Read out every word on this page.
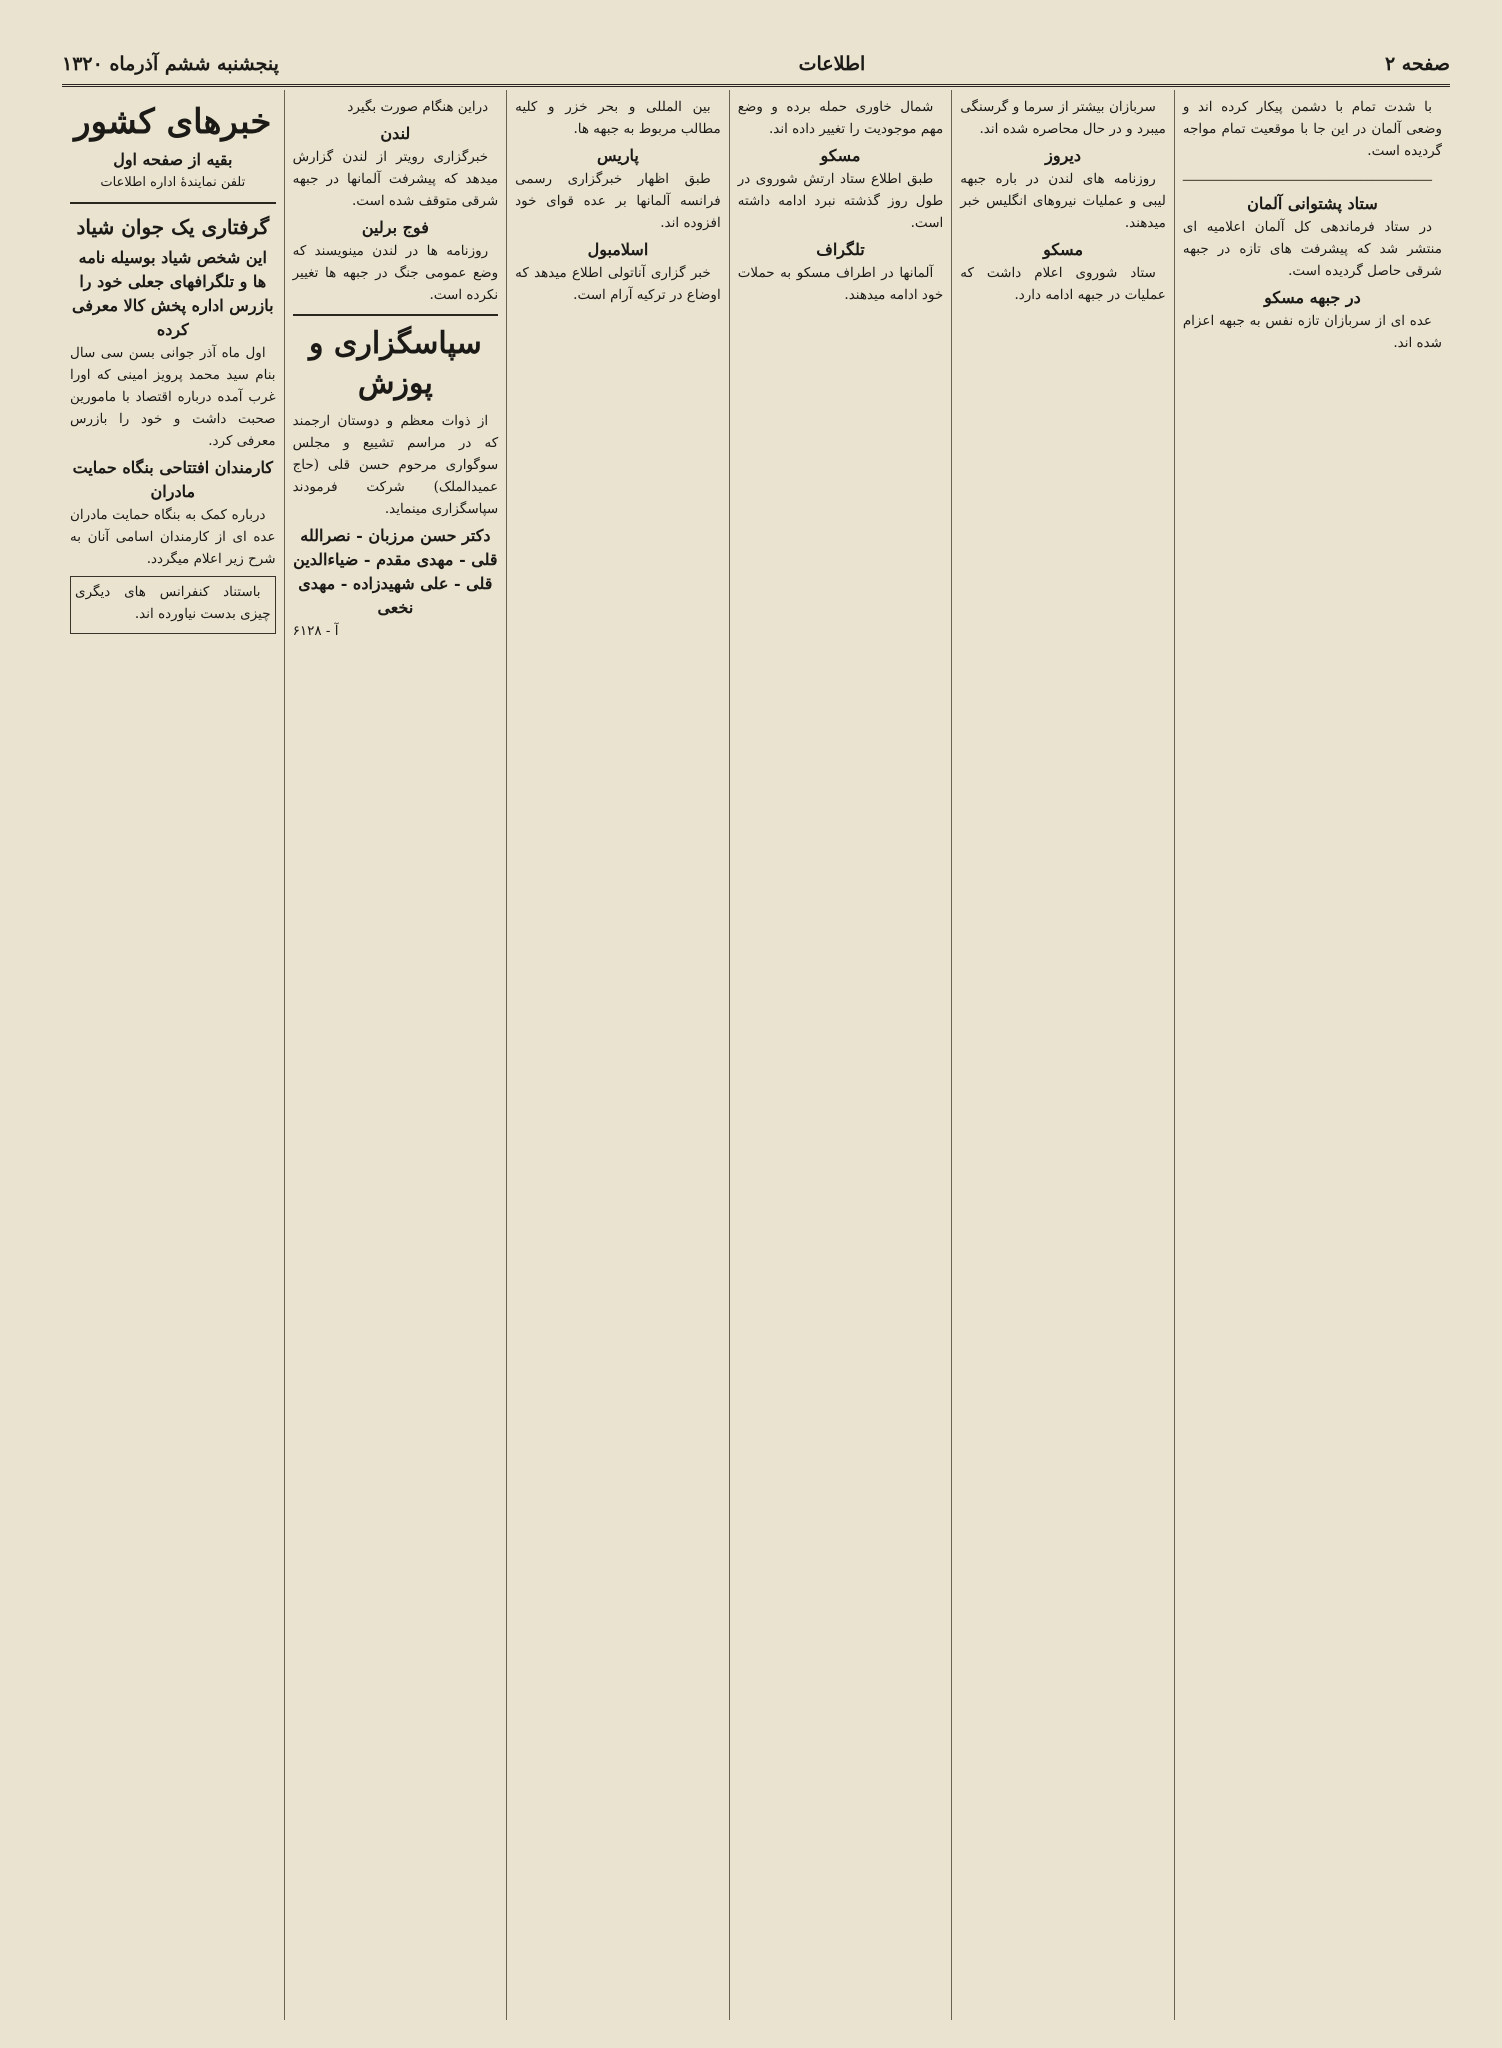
صفحه ۲
اطلاعات
پنجشنبه ششم آذرماه ۱۳۲۰

با شدت تمام با دشمن پیکار کرده اند و وضعی آلمان در این جا با موقعیت تمام مواجه گردیده است.

ـــــــــــــــــــــــــــــــــــــــــــــــــــــــــــــــ

ستاد پشتوانی آلمان

در ستاد فرماندهی کل آلمان اعلامیه ای منتشر شد که پیشرفت های تازه در جبهه شرقی حاصل گردیده است.

در جبهه مسکو

عده ای از سربازان تازه نفس به جبهه اعزام شده اند.

سربازان بیشتر از سرما و گرسنگی میبرد و در حال محاصره شده اند.

دیروز

روزنامه های لندن در باره جبهه لیبی و عملیات نیروهای انگلیس خبر میدهند.

مسکو

ستاد شوروی اعلام داشت که عملیات در جبهه ادامه دارد.

شمال خاوری حمله برده و وضع مهم موجودیت را تغییر داده اند.

مسکو

طبق اطلاع ستاد ارتش شوروی در طول روز گذشته نبرد ادامه داشته است.

تلگراف

آلمانها در اطراف مسکو به حملات خود ادامه میدهند.

بین المللی و بحر خزر و کلیه مطالب مربوط به جبهه ها.

پاریس

طبق اظهار خبرگزاری رسمی فرانسه آلمانها بر عده قوای خود افزوده اند.

اسلامبول

خبر گزاری آناتولی اطلاع میدهد که اوضاع در ترکیه آرام است.

دراین هنگام صورت بگیرد

لندن

خبرگزاری رویتر از لندن گزارش میدهد که پیشرفت آلمانها در جبهه شرقی متوقف شده است.

فوج برلین

روزنامه ها در لندن مینویسند که وضع عمومی جنگ در جبهه ها تغییر نکرده است.

سپاسگزاری و پوزش

از ذوات معظم و دوستان ارجمند که در مراسم تشییع و مجلس سوگواری مرحوم حسن قلی (حاج عمیدالملک) شرکت فرمودند سپاسگزاری مینماید.

دکتر حسن مرزبان - نصرالله قلی - مهدی مقدم - ضیاءالدین قلی - علی شهیدزاده - مهدی نخعی
آ - ۶۱۲۸
خبرهای کشور
بقیه از صفحه اول
تلفن نمایندهٔ اداره اطلاعات
گرفتاری یک جوان شیاد
این شخص شیاد بوسیله نامه ها و تلگرافهای جعلی خود را بازرس اداره پخش کالا معرفی کرده

اول ماه آذر جوانی بسن سی سال بنام سید محمد پرویز امینی که اورا غرب آمده درباره اقتصاد با مامورین صحبت داشت و خود را بازرس معرفی کرد.

کارمندان افتتاحی بنگاه حمایت مادران

درباره کمک به بنگاه حمایت مادران عده ای از کارمندان اسامی آنان به شرح زیر اعلام میگردد.

باستناد کنفرانس های دیگری چیزی بدست نیاورده اند.
